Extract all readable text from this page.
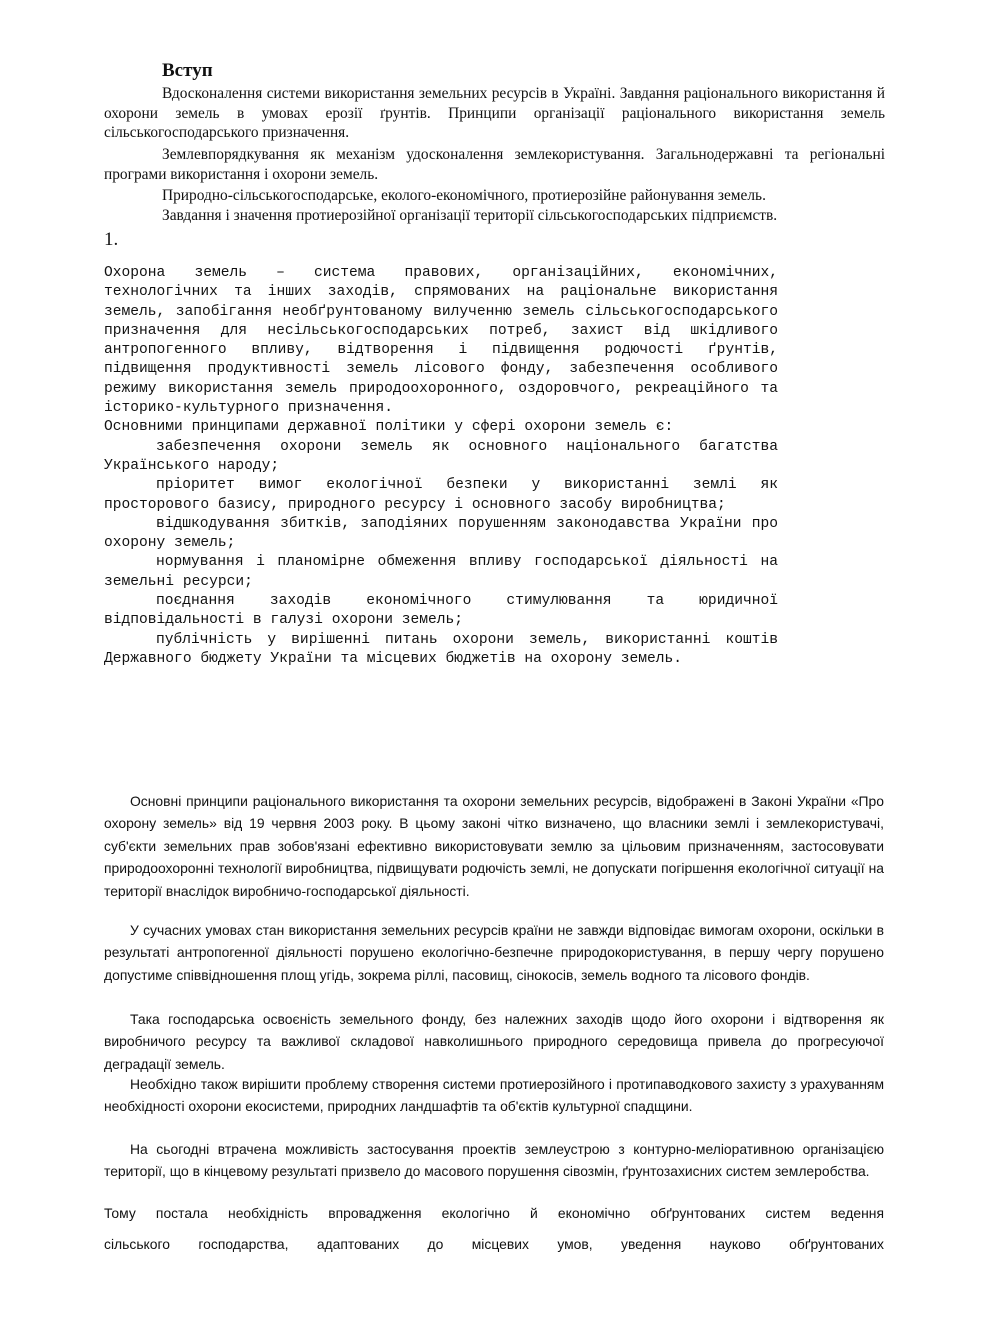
Вступ

Вдосконалення системи використання земельних ресурсів в Україні. Завдання раціонального використання й охорони земель в умовах ерозії ґрунтів. Принципи організації раціонального використання земель сільськогосподарського призначення.

Землевпорядкування як механізм удосконалення землекористування. Загальнодержавні та регіональні програми використання і охорони земель.

Природно-сільськогосподарське, еколого-економічного, протиерозійне районування земель.

Завдання і значення протиерозійної організації території сільськогосподарських підприємств.

1.

Охорона земель – система правових, організаційних, економічних, технологічних та інших заходів, спрямованих на раціональне використання земель, запобігання необґрунтованому вилученню земель сільськогосподарського призначення для несільськогосподарських потреб, захист від шкідливого антропогенного впливу, відтворення і підвищення родючості ґрунтів, підвищення продуктивності земель лісового фонду, забезпечення особливого режиму використання земель природоохоронного, оздоровчого, рекреаційного та історико-культурного призначення.

Основними принципами державної політики у сфері охорони земель є:

забезпечення охорони земель як основного національного багатства Українського народу;

пріоритет вимог екологічної безпеки у використанні землі як просторового базису, природного ресурсу і основного засобу виробництва;

відшкодування збитків, заподіяних порушенням законодавства України про охорону земель;

нормування і планомірне обмеження впливу господарської діяльності на земельні ресурси;

поєднання заходів економічного стимулювання та юридичної відповідальності в галузі охорони земель;

публічність у вирішенні питань охорони земель, використанні коштів Державного бюджету України та місцевих бюджетів на охорону земель.

Основні принципи раціонального використання та охорони земельних ресурсів, відображені в Законі України «Про охорону земель» від 19 червня 2003 року. В цьому законі чітко визначено, що власники землі і землекористувачі, суб'єкти земельних прав зобов'язані ефективно використовувати землю за цільовим призначенням, застосовувати природоохоронні технології виробництва, підвищувати родючість землі, не допускати погіршення екологічної ситуації на території внаслідок виробничо-господарської діяльності.

У сучасних умовах стан використання земельних ресурсів країни не завжди відповідає вимогам охорони, оскільки в результаті антропогенної діяльності порушено екологічно-безпечне природокористування, в першу чергу порушено допустиме співвідношення площ угідь, зокрема ріллі, пасовищ, сінокосів, земель водного та лісового фондів.

Така господарська освоєність земельного фонду, без належних заходів щодо його охорони і відтворення як виробничого ресурсу та важливої складової навколишнього природного середовища привела до прогресуючої деградації земель.

Необхідно також вирішити проблему створення системи протиерозійного і протипаводкового захисту з урахуванням необхідності охорони екосистеми, природних ландшафтів та об'єктів культурної спадщини.

На сьогодні втрачена можливість застосування проектів землеустрою з контурно-меліоративною організацією території, що в кінцевому результаті призвело до масового порушення сівозмін, ґрунтозахисних систем землеробства.

Тому постала необхідність впровадження екологічно й економічно обґрунтованих систем ведення

сільського господарства, адаптованих до місцевих умов, уведення науково обґрунтованих
